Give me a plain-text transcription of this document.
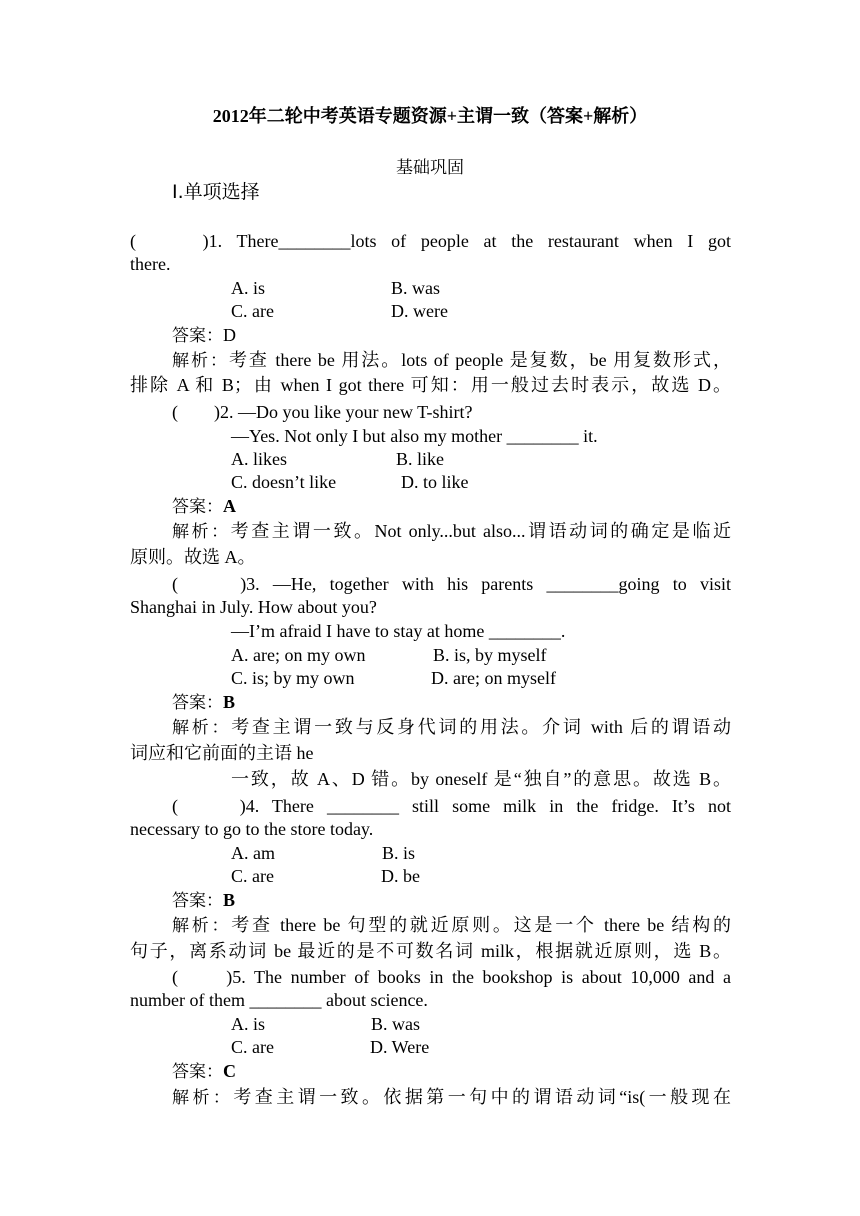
2012年二轮中考英语专题资源+主谓一致（答案+解析）
基础巩固
Ⅰ.单项选择
(　　)1. There________lots of people at the restaurant when I got
there.
A. is	B. was
C. are	D. were
答案：D
解析：考查 there be 用法。lots of people 是复数，be 用复数形式，
排除 A 和 B；由 when I got there 可知：用一般过去时表示，故选 D。
(　　)2. —Do you like your new T-shirt?
—Yes. Not only I but also my mother ________ it.
A. likes	B. like
C. doesn’t like	D. to like
答案：A
解析：考查主谓一致。Not only...but also...谓语动词的确定是临近
原则。故选 A。
(　　)3. —He, together with his parents ________going to visit
Shanghai in July. How about you?
—I’m afraid I have to stay at home ________.
A. are; on my own	B. is, by myself
C. is; by my own	D. are; on myself
答案：B
解析：考查主谓一致与反身代词的用法。介词 with 后的谓语动
词应和它前面的主语 he
一致，故 A、D 错。by oneself 是“独自”的意思。故选 B。
(　　)4. There ________ still some milk in the fridge. It’s not
necessary to go to the store today.
A. am	B. is
C. are	D. be
答案：B
解析：考查 there be 句型的就近原则。这是一个 there be 结构的
句子，离系动词 be 最近的是不可数名词 milk，根据就近原则，选 B。
(　　)5. The number of books in the bookshop is about 10,000 and a
number of them ________ about science.
A. is	B. was
C. are	D. Were
答案：C
解析：考查主谓一致。依据第一句中的谓语动词“is(一般现在
